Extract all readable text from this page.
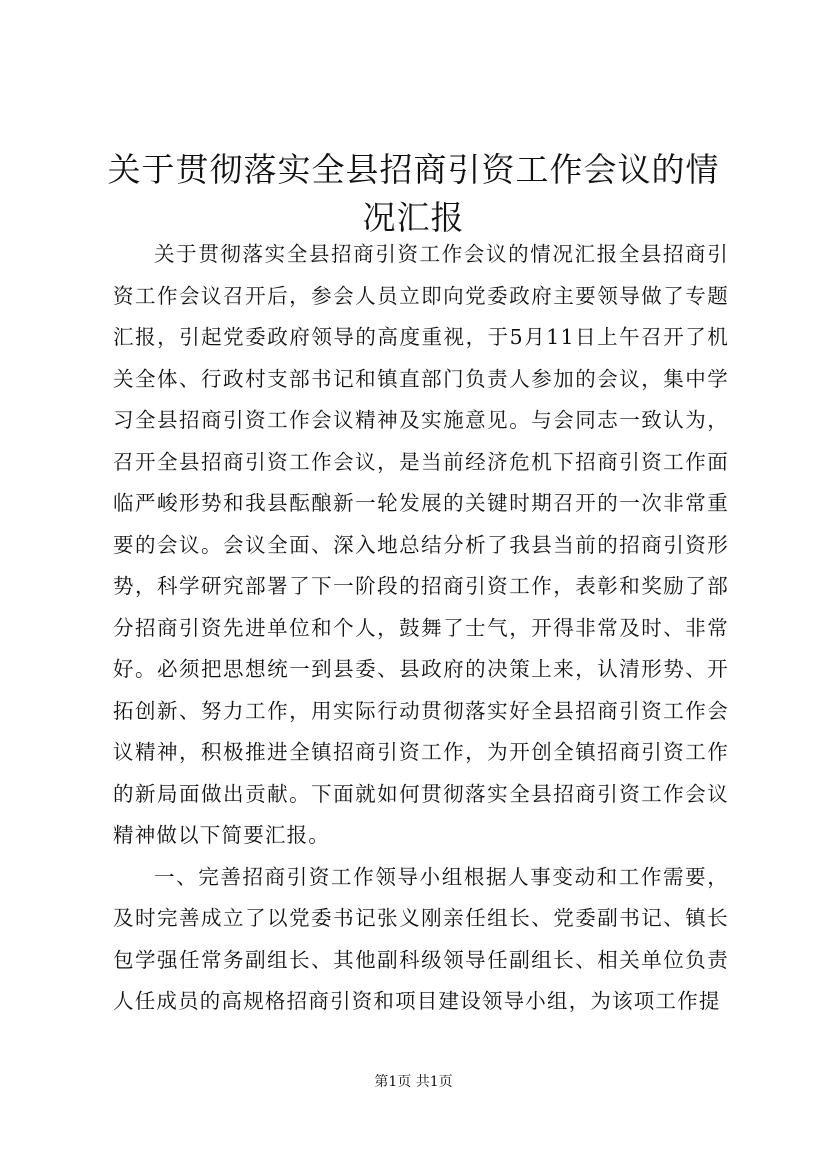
关于贯彻落实全县招商引资工作会议的情况汇报

关于贯彻落实全县招商引资工作会议的情况汇报全县招商引资工作会议召开后，参会人员立即向党委政府主要领导做了专题汇报，引起党委政府领导的高度重视，于5月11日上午召开了机关全体、行政村支部书记和镇直部门负责人参加的会议，集中学习全县招商引资工作会议精神及实施意见。与会同志一致认为，召开全县招商引资工作会议，是当前经济危机下招商引资工作面临严峻形势和我县酝酿新一轮发展的关键时期召开的一次非常重要的会议。会议全面、深入地总结分析了我县当前的招商引资形势，科学研究部署了下一阶段的招商引资工作，表彰和奖励了部分招商引资先进单位和个人，鼓舞了士气，开得非常及时、非常好。必须把思想统一到县委、县政府的决策上来，认清形势、开拓创新、努力工作，用实际行动贯彻落实好全县招商引资工作会议精神，积极推进全镇招商引资工作，为开创全镇招商引资工作的新局面做出贡献。下面就如何贯彻落实全县招商引资工作会议精神做以下简要汇报。

一、完善招商引资工作领导小组根据人事变动和工作需要，及时完善成立了以党委书记张义刚亲任组长、党委副书记、镇长包学强任常务副组长、其他副科级领导任副组长、相关单位负责人任成员的高规格招商引资和项目建设领导小组，为该项工作提

第1页 共1页
